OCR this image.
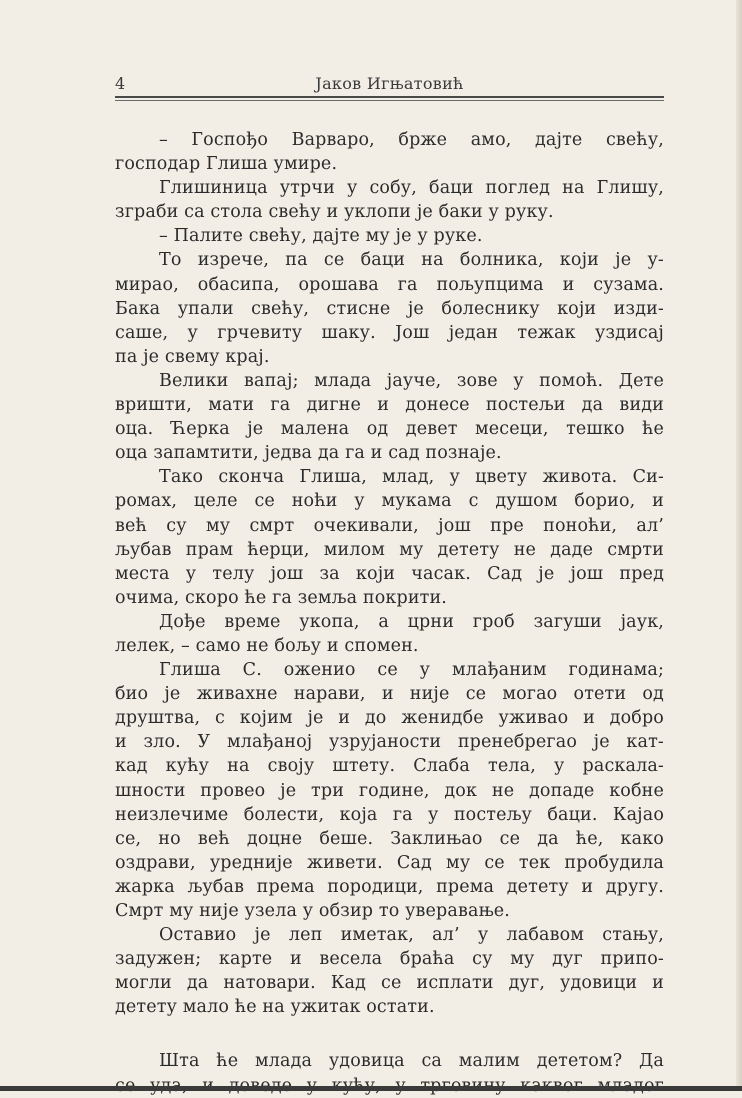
4	Јаков Игњатовић
– Госпођо Варваро, брже амо, дајте свећу,
господар Глиша умире.
Глишиница утрчи у собу, баци поглед на Глишу,
зграби са стола свећу и уклопи је баки у руку.
– Палите свећу, дајте му је у руке.
То изрече, па се баци на болника, који је у-
мирао, обасипа, орошава га пољупцима и сузама.
Бака упали свећу, стисне је болеснику који изди-
саше, у грчевиту шаку. Још један тежак уздисај
па је свему крај.
Велики вапај; млада јауче, зове у помоћ. Дете
вришти, мати га дигне и донесе постељи да види
оца. Ћерка је малена од девет месеци, тешко ће
оца запамтити, једва да га и сад познаје.
Тако сконча Глиша, млад, у цвету живота. Си-
ромах, целе се ноћи у мукама с душом борио, и
већ су му смрт очекивали, још пре поноћи, ал’
љубав прам ћерци, милом му детету не даде смрти
места у телу још за који часак. Сад је још пред
очима, скоро ће га земља покрити.
Дође време укопа, а црни гроб загуши јаук,
лелек, – само не бољу и спомен.
Глиша С. ожениo се у млађаним годинама;
био је живахне нарави, и није се могао отети од
друштва, с којим је и до женидбе уживао и добро
и зло. У млађаној узрујаности пренебрегао је кат-
кад кућу на своју штету. Слаба тела, у раскала-
шности провео је три године, док не допаде кобне
неизлечиме болести, која га у постељу баци. Кајао
се, но већ доцне беше. Заклињао се да ће, како
оздрави, уредније живети. Сад му се тек пробудила
жарка љубав према породици, према детету и другу.
Смрт му није узела у обзир то уверавање.
Оставио је леп иметак, ал’ у лабавом стању,
задужен; карте и весела браћа су му дуг припо-
могли да натовари. Кад се исплати дуг, удовици и
детету мало ће на ужитак остати.
Шта ће млада удовица са малим дететом? Да
